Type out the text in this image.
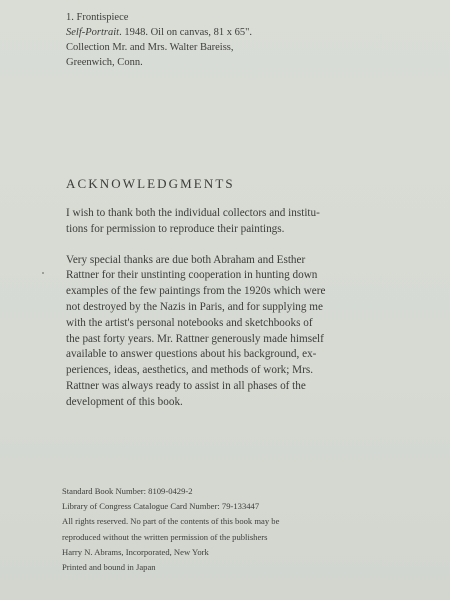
1. Frontispiece
Self-Portrait. 1948. Oil on canvas, 81 x 65".
Collection Mr. and Mrs. Walter Bareiss,
Greenwich, Conn.
ACKNOWLEDGMENTS
I wish to thank both the individual collectors and institu-
tions for permission to reproduce their paintings.
Very special thanks are due both Abraham and Esther
Rattner for their unstinting cooperation in hunting down
examples of the few paintings from the 1920s which were
not destroyed by the Nazis in Paris, and for supplying me
with the artist's personal notebooks and sketchbooks of
the past forty years. Mr. Rattner generously made himself
available to answer questions about his background, ex-
periences, ideas, aesthetics, and methods of work; Mrs.
Rattner was always ready to assist in all phases of the
development of this book.
Standard Book Number: 8109-0429-2
Library of Congress Catalogue Card Number: 79-133447
All rights reserved. No part of the contents of this book may be
reproduced without the written permission of the publishers
Harry N. Abrams, Incorporated, New York
Printed and bound in Japan
